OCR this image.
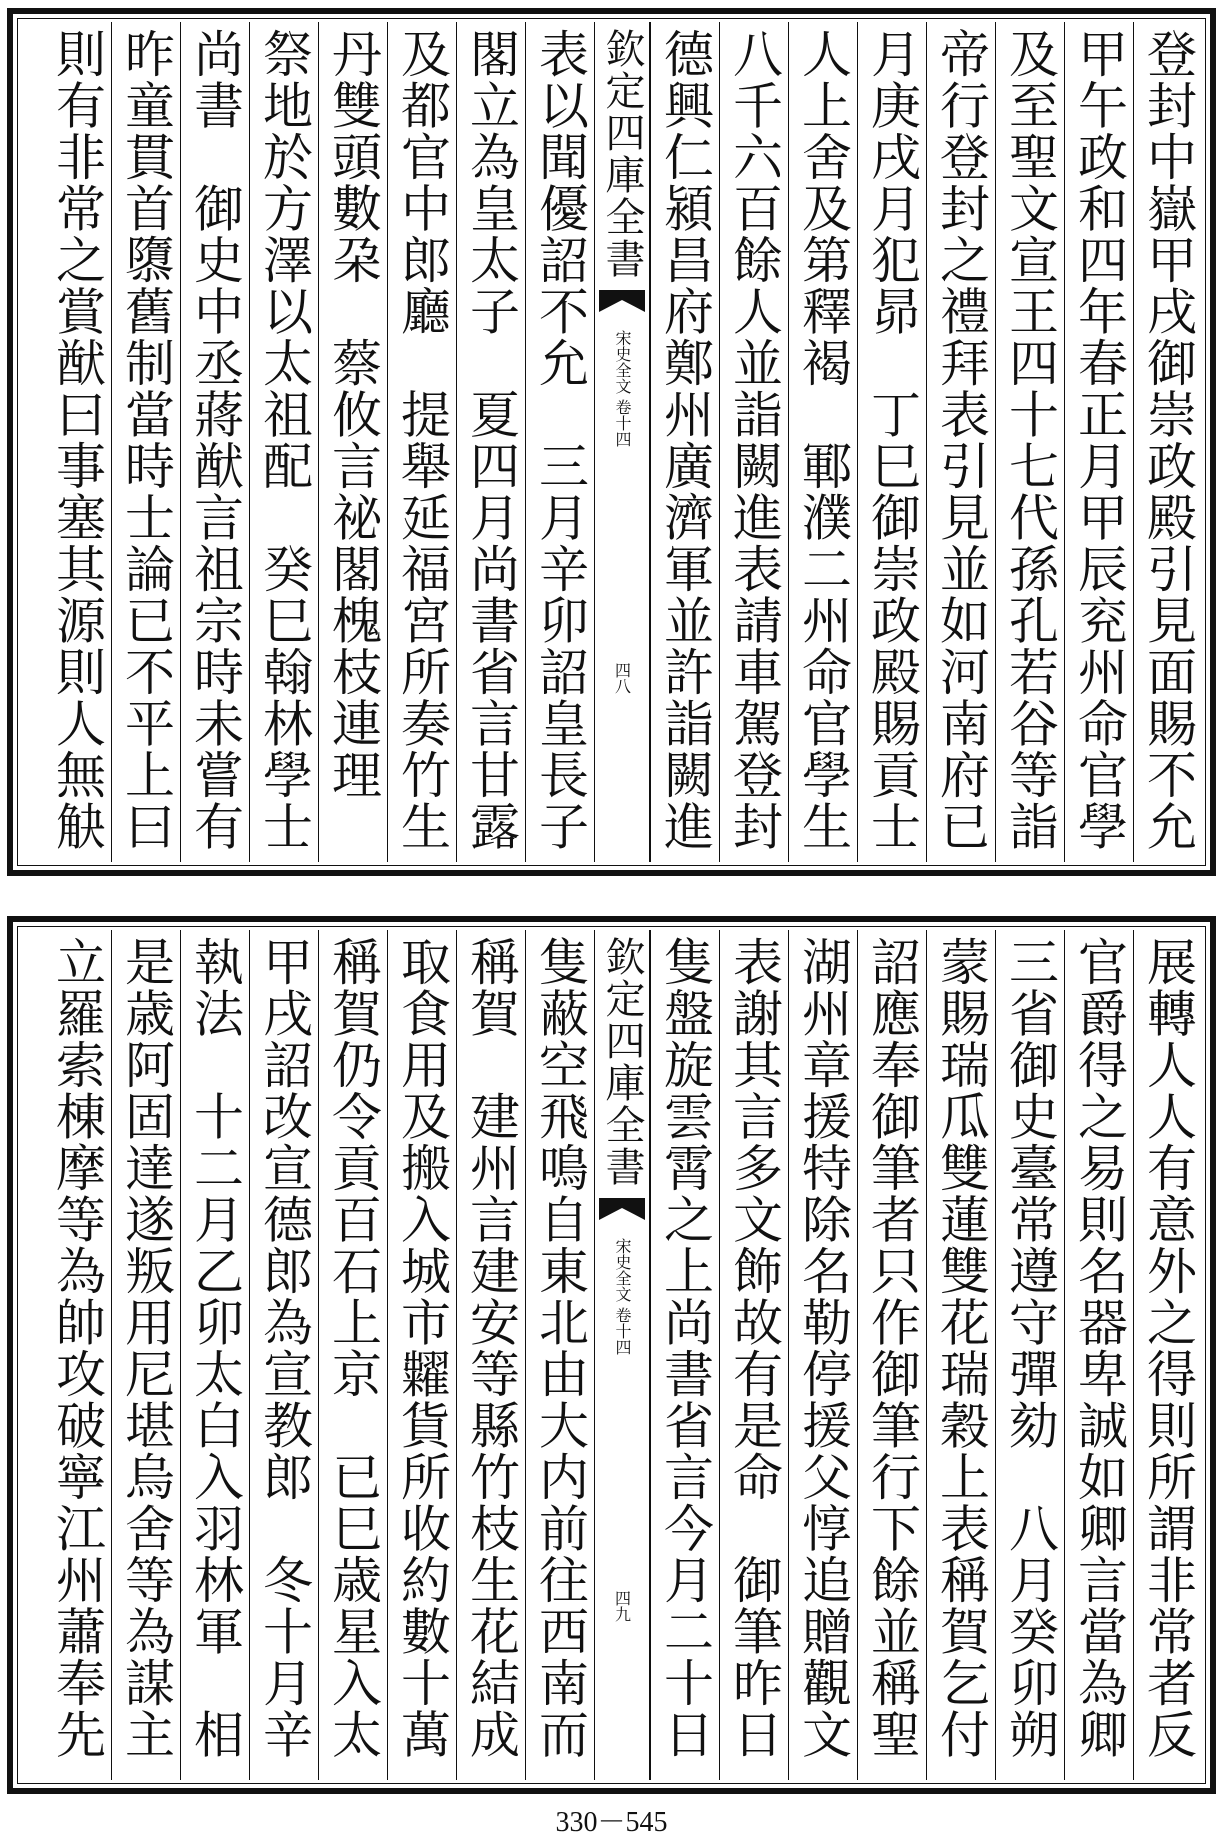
登封中嶽甲戌御崇政殿引見面賜不允
甲午政和四年春正月甲辰兖州命官學
及至聖文宣王四十七代孫孔若谷等詣
帝行登封之禮拜表引見並如河南府已　
月庚戌月犯昴　丁巳御崇政殿賜貢士
人上舍及第釋褐　鄆濮二州命官學生
八千六百餘人並詣闕進表請車駕登封
德興仁潁昌府鄭州廣濟軍並許詣闕進
欽定四庫全書
宋史全文 卷十四
四八
表以聞優詔不允　三月辛卯詔皇長子
閣立為皇太子　夏四月尚書省言甘露
及都官中郎廳　提舉延福宮所奏竹生
丹雙頭數朶　蔡攸言祕閣槐枝連理　
祭地於方澤以太祖配　癸巳翰林學士
尚書　御史中丞蔣猷言祖宗時未嘗有
昨童貫首隳舊制當時士論已不平上曰
則有非常之賞猷曰事塞其源則人無觖
展轉人人有意外之得則所謂非常者反
官爵得之易則名器卑誠如卿言當為卿
三省御史臺常遵守彈劾　八月癸卯朔
蒙賜瑞瓜雙蓮雙花瑞穀上表稱賀乞付
詔應奉御筆者只作御筆行下餘並稱聖　
湖州章援特除名勒停援父惇追贈觀文
表謝其言多文飾故有是命　御筆昨日
隻盤旋雲霄之上尚書省言今月二十日
欽定四庫全書
宋史全文 卷十四
四九
隻蔽空飛鳴自東北由大内前往西南而
稱賀　建州言建安等縣竹枝生花結成
取食用及搬入城市糶貨所收約數十萬
稱賀仍令貢百石上京　已巳歳星入太　
甲戌詔改宣德郎為宣教郎　冬十月辛
執法　十二月乙卯太白入羽林軍　相
是歳阿固達遂叛用尼堪烏舍等為謀主
立羅索棟摩等為帥攻破寧江州蕭奉先
330－545
